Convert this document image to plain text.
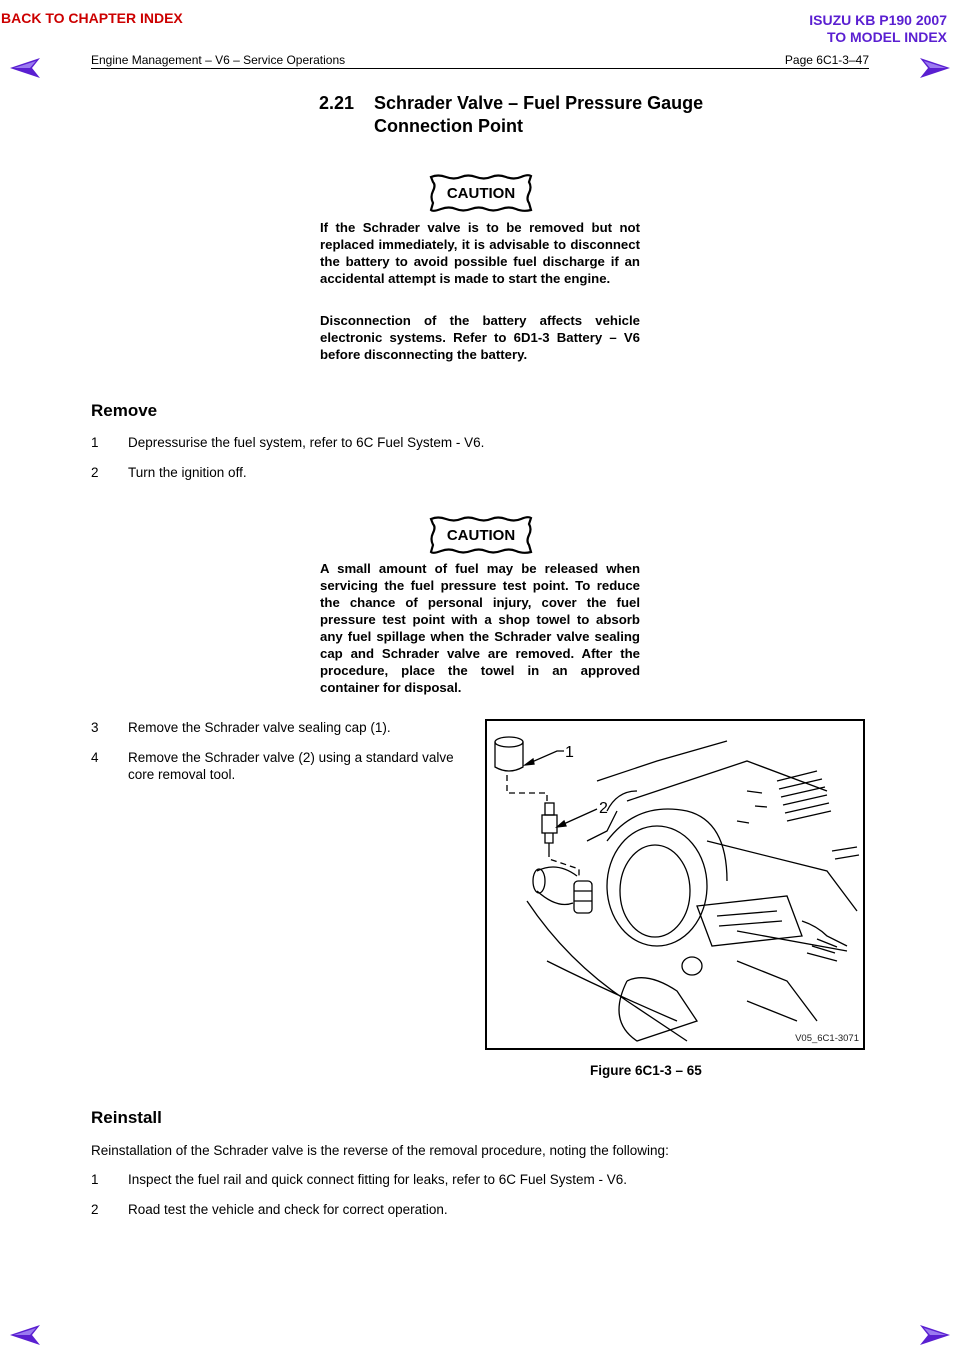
BACK TO CHAPTER INDEX	ISUZU KB P190 2007
TO MODEL INDEX
Engine Management – V6 – Service Operations	Page 6C1-3–47
2.21 Schrader Valve – Fuel Pressure Gauge
Connection Point
CAUTION
If the Schrader valve is to be removed but not replaced immediately, it is advisable to disconnect the battery to avoid possible fuel discharge if an accidental attempt is made to start the engine.
Disconnection of the battery affects vehicle electronic systems. Refer to 6D1-3 Battery – V6 before disconnecting the battery.
Remove
1 Depressurise the fuel system, refer to 6C Fuel System - V6.
2 Turn the ignition off.
CAUTION
A small amount of fuel may be released when servicing the fuel pressure test point. To reduce the chance of personal injury, cover the fuel pressure test point with a shop towel to absorb any fuel spillage when the Schrader valve sealing cap and Schrader valve are removed. After the procedure, place the towel in an approved container for disposal.
3 Remove the Schrader valve sealing cap (1).
4 Remove the Schrader valve (2) using a standard valve
core removal tool.
1
2
V05_6C1-3071
Figure 6C1-3 – 65
Reinstall
Reinstallation of the Schrader valve is the reverse of the removal procedure, noting the following:
1 Inspect the fuel rail and quick connect fitting for leaks, refer to 6C Fuel System - V6.
2 Road test the vehicle and check for correct operation.
